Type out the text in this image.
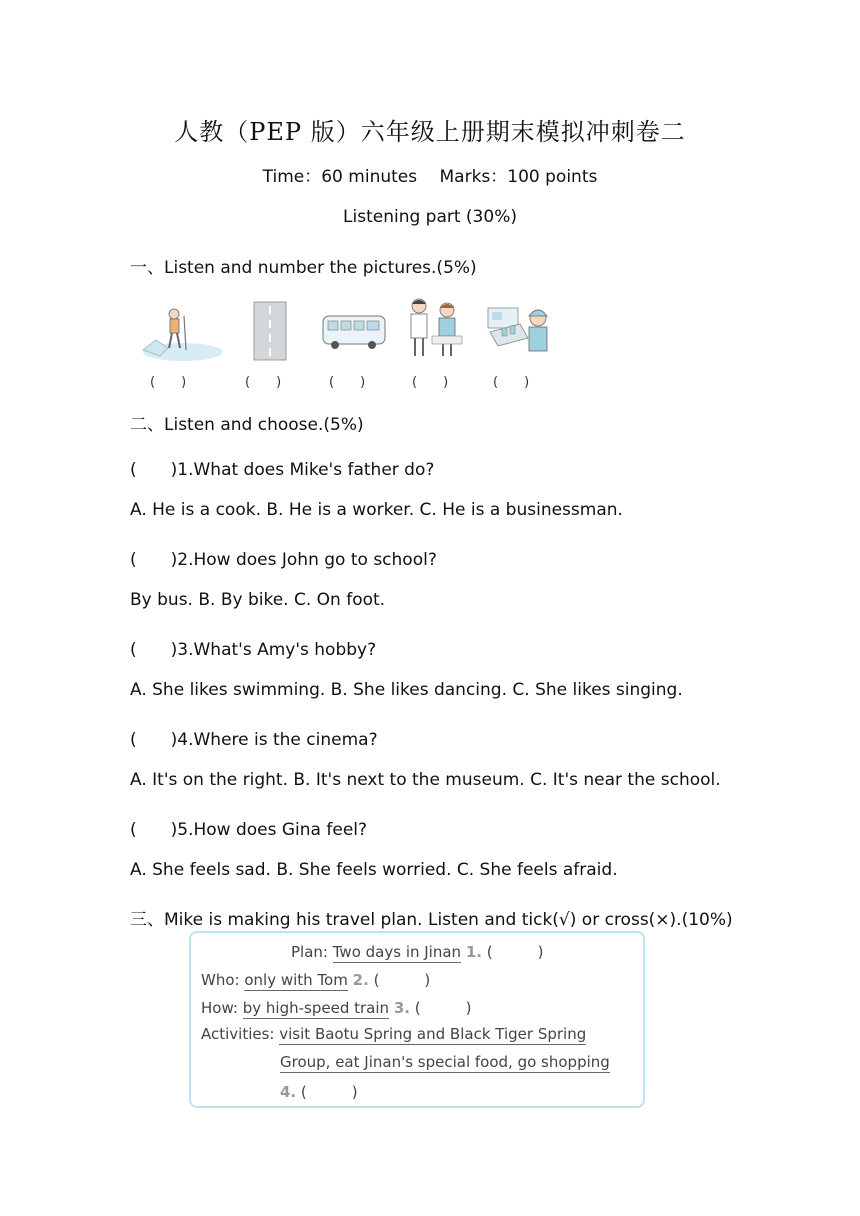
人教（PEP 版）六年级上册期末模拟冲刺卷二
Time：60 minutes　 Marks：100 points
Listening part (30%)
一、Listen and number the pictures.(5%)
(　　)	(　　)	(　　)	(　　)	(　　)
二、Listen and choose.(5%)
(　　)1.What does Mike's father do?
A. He is a cook. B. He is a worker. C. He is a businessman.
(　　)2.How does John go to school?
By bus. B. By bike. C. On foot.
(　　)3.What's Amy's hobby?
A. She likes swimming. B. She likes dancing. C. She likes singing.
(　　)4.Where is the cinema?
A. It's on the right. B. It's next to the museum. C. It's near the school.
(　　)5.How does Gina feel?
A. She feels sad. B. She feels worried. C. She feels afraid.
三、Mike is making his travel plan. Listen and tick(√) or cross(×).(10%)
Plan: Two days in Jinan 1. (　　　)
Who: only with Tom 2. (　　　)
How: by high-speed train 3. (　　　)
Activities: visit Baotu Spring and Black Tiger Spring
Group, eat Jinan's special food, go shopping
4. (　　　)
